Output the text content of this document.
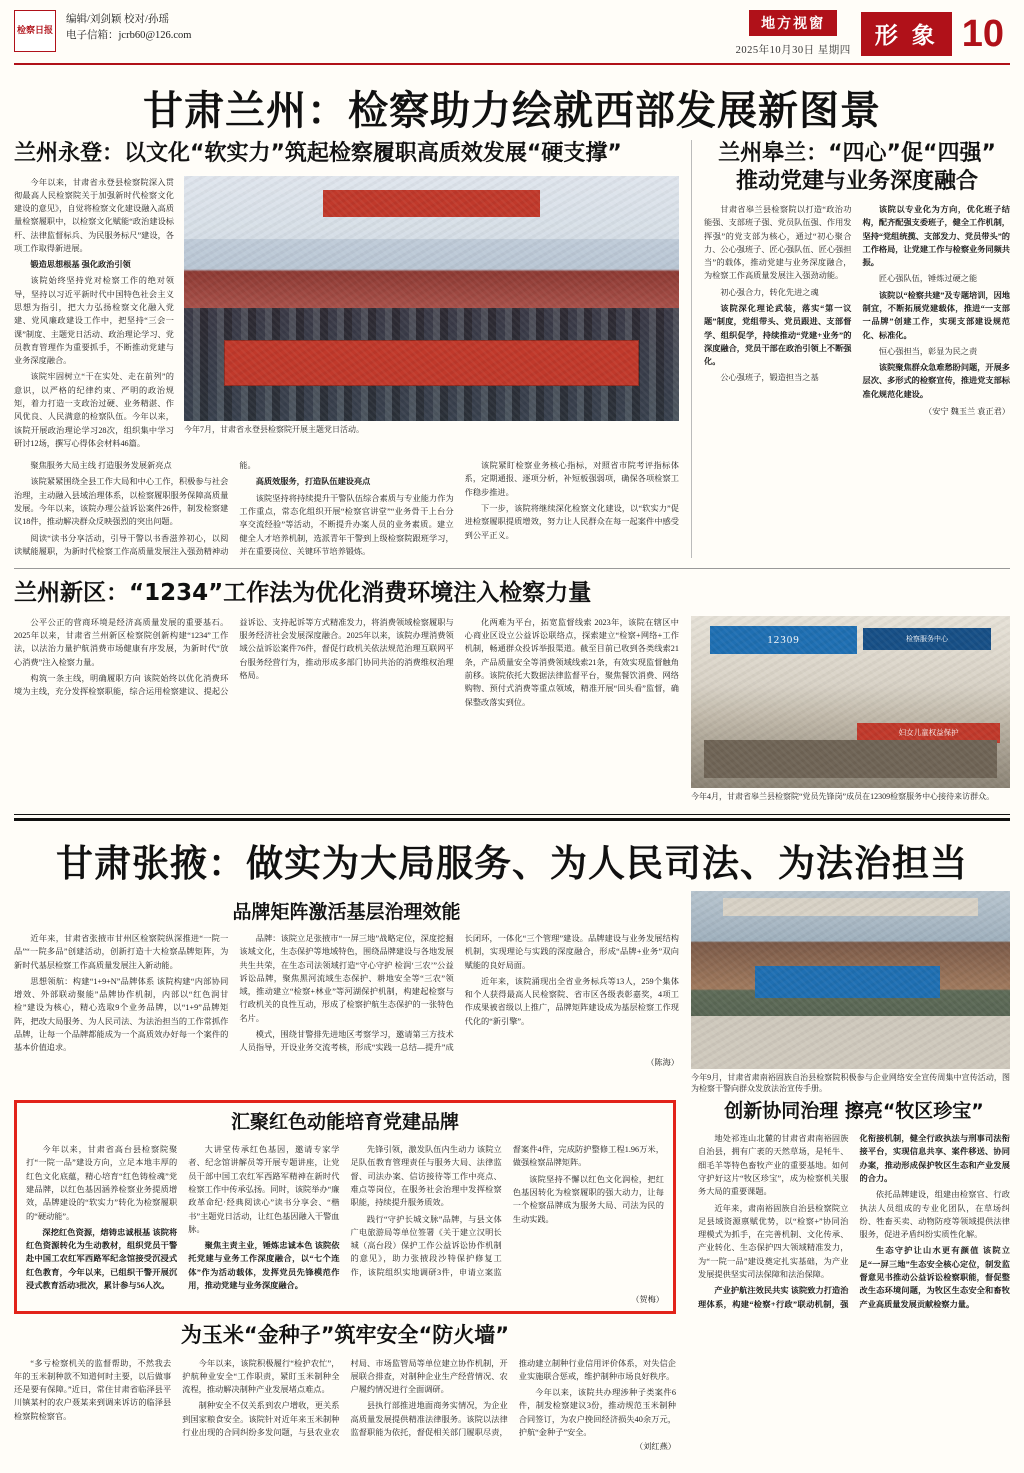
检察 日报
编辑/刘剑颖 校对/孙瑶
电子信箱：jcrb60@126.com
地方视窗
2025年10月30日 星期四
形 象 10
甘肃兰州：检察助力绘就西部发展新图景
兰州永登：以文化“软实力”筑起检察履职高质效发展“硬支撑”

今年以来，甘肃省永登县检察院深入贯彻最高人民检察院关于加强新时代检察文化建设的意见》，自觉将检察文化建设融入高质量检察履职中，以检察文化赋能“政治建设标杆、法律监督标兵、为民服务标尺”建设，各项工作取得新进展。

锻造思想根基 强化政治引领

该院始终坚持党对检察工作的绝对领导，坚持以习近平新时代中国特色社会主义思想为指引，把大力弘扬检察文化融入党建、党风廉政建设工作中，把坚持“三会一课”制度、主题党日活动、政治理论学习、党员教育管理作为重要抓手，不断推动党建与业务深度融合。

该院牢固树立“干在实处、走在前列”的意识，以严格的纪律约束、严明的政治规矩，着力打造一支政治过硬、业务精湛、作风优良、人民满意的检察队伍。今年以来，该院开展政治理论学习28次，组织集中学习研讨12场，撰写心得体会材料46篇。

今年7月，甘肃省永登县检察院开展主题党日活动。

聚焦服务大局主线 打造服务发展新亮点

该院紧紧围绕全县工作大局和中心工作，积极参与社会治理，主动融入县域治理体系，以检察履职服务保障高质量发展。今年以来，该院办理公益诉讼案件26件，制发检察建议18件，推动解决群众反映强烈的突出问题。

阅读“读书分享活动，引导干警以书香滋养初心，以阅读赋能履职，为新时代检察工作高质量发展注入强劲精神动能。

高质效服务，打造队伍建设亮点

该院坚持将持续提升干警队伍综合素质与专业能力作为工作重点，常态化组织开展“检察官讲堂”“业务骨干上台分享交流经验”等活动，不断提升办案人员的业务素质。建立健全人才培养机制，选派青年干警到上级检察院跟班学习，并在重要岗位、关键环节培养锻炼。

该院紧盯检察业务核心指标，对照省市院考评指标体系，定期通报、逐项分析，补短板强弱项，确保各项检察工作稳步推进。

下一步，该院将继续深化检察文化建设，以“软实力”促进检察履职提质增效，努力让人民群众在每一起案件中感受到公平正义。

兰州皋兰：“四心”促“四强” 推动党建与业务深度融合

甘肃省皋兰县检察院以打造“政治功能强、支部班子强、党员队伍强、作用发挥强”的党支部为核心，通过“初心聚合力、公心强班子、匠心强队伍、匠心强担当”的载体，推动党建与业务深度融合，为检察工作高质量发展注入强劲动能。

初心强合力，转化先进之魂

该院深化理论武装，落实“第一议题”制度，党组带头、党员跟进、支部督学、组织促学，持续推动“党建+业务”的深度融合，党员干部在政治引领上不断强化。

公心强班子，锻造担当之基

该院以专业化为方向，优化班子结构，配齐配强支委班子，健全工作机制，坚持“党组统揽、支部发力、党员带头”的工作格局，让党建工作与检察业务同频共振。

匠心强队伍，锤炼过硬之能

该院以“检察共建”及专题培训，因地制宜，不断拓展党建载体，推进“一支部一品牌”创建工作，实现支部建设规范化、标准化。

恒心强担当，彰显为民之责

该院聚焦群众急难愁盼问题，开展多层次、多形式的检察宣传，推进党支部标准化规范化建设。

（安宁 魏玉兰 袁正君）
兰州新区：“1234”工作法为优化消费环境注入检察力量

公平公正的营商环境是经济高质量发展的重要基石。2025年以来，甘肃省兰州新区检察院创新构建“1234”工作法，以法治力量护航消费市场健康有序发展，为新时代“放心消费”注入检察力量。

构筑一条主线，明确履职方向 该院始终以优化消费环境为主线，充分发挥检察职能，综合运用检察建议、提起公益诉讼、支持起诉等方式精准发力，将消费领域检察履职与服务经济社会发展深度融合。2025年以来，该院办理消费领域公益诉讼案件76件，督促行政机关依法规范治理互联网平台服务经营行为，推动形成多部门协同共治的消费维权治理格局。

化两难为平台，拓宽监督线索 2023年，该院在辖区中心商业区设立公益诉讼联络点，探索建立“检察+网络+工作机制，畅通群众投诉举报渠道。截至目前已收到各类线索21条，产品质量安全等消费领域线索21条，有效实现监督触角前移。该院依托大数据法律监督平台，聚焦餐饮消费、网络购物、预付式消费等重点领域，精准开展“回头看”监督，确保整改落实到位。

12309	检察服务中心
妇女儿童权益保护
今年4月，甘肃省皋兰县检察院“党员先锋岗”成员在12309检察服务中心接待来访群众。
甘肃张掖：做实为大局服务、为人民司法、为法治担当
品牌矩阵激活基层治理效能

近年来，甘肃省张掖市甘州区检察院纵深推进“一院一品”“一院多品”创建活动，创新打造十大检察品牌矩阵，为新时代基层检察工作高质量发展注入新动能。

思想领航：构建“1+9+N”品牌体系 该院构建“内部协同增效、外部联动聚能”品牌协作机制，内部以“红色润甘检”建设为核心，精心选取9个业务品牌，以“1+9”品牌矩阵，把改大局服务、为人民司法、为法治担当的工作常抓作品牌，让每一个品牌都能成为一个高质效办好每一个案件的基本价值追求。

品牌：该院立足张掖市“一屏三地”战略定位，深度挖掘该域文化，生态保护等地域特色，围绕品牌建设与各地发展共生共荣，在生态司法领域打造“守心守护 检润‘三农’”公益诉讼品牌，聚焦黑河流域生态保护、耕地安全等“三农”领域，推动建立“检察+林业”等河湖保护机制，构建起检察与行政机关的良性互动，形成了检察护航生态保护的一张特色名片。

模式，围绕甘警排先进地区考察学习，邀请第三方技术人员指导，开设业务交流考核，形成“实践一总结—提升”成长闭环，一体化“三个管理”建设。品牌建设与业务发展结构机制，实现理论与实践的深度融合，形成“品牌+业务”双向赋能的良好局面。

近年来，该院涌现出全省业务标兵等13人，259个集体和个人获得最高人民检察院、省市区各级表彰嘉奖，4项工作成果被省级以上推广，品牌矩阵建设成为基层检察工作现代化的“新引擎”。

（陈海）
今年9月，甘肃省肃南裕固族自治县检察院积极参与企业网络安全宣传周集中宣传活动，图为检察干警向群众发放法治宣传手册。
汇聚红色动能培育党建品牌

今年以来，甘肃省高台县检察院聚打“一院一品”建设方向，立足本地丰厚的红色文化底蕴，精心培育“红色铸检魂”党建品牌，以红色基因涵养检察业务提质增效，品牌建设的“软实力”转化为检察履职的“硬动能”。

深挖红色资源，熔铸忠诚根基 该院将红色资源转化为生动教材，组织党员干警赴中国工农红军西路军纪念馆接受沉浸式红色教育，今年以来，已组织干警开展沉浸式教育活动3批次，累计参与56人次。

大讲堂传承红色基因，邀请专家学者、纪念馆讲解员等开展专题讲座，让党员干部中国工农红军西路军精神在新时代检察工作中传承弘扬。同时，该院举办“廉政革命纪·经典阅读心”读书分享会、“楷书”主题党日活动，让红色基因融入干警血脉。

聚焦主责主业，锤炼忠诚本色 该院依托党建与业务工作深度融合，以“七个连体”作为活动载体，发挥党员先锋模范作用，推动党建与业务深度融合。

先锋引领，激发队伍内生动力 该院立足队伍教育管理责任与服务大局、法律监督、司法办案、信访接待等工作中亮点、难点等岗位，在服务社会治理中发挥检察职能，持续提升服务质效。

践行“守护长城文脉”品牌，与县文体广电旅游局等单位签署《关于建立汉明长城（高台段）保护工作公益诉讼协作机制的意见》，助力张掖段沙特保护修复工作，该院组织实地调研3件，申请立案监督案件4件，完成防护整修工程1.96万米，做强检察品牌矩阵。

该院坚持不懈以红色文化润检，把红色基因转化为检察履职的强大动力，让每一个检察品牌成为服务大局、司法为民的生动实践。

（贺梅）
创新协同治理 擦亮“牧区珍宝”

地处祁连山北麓的甘肃省肃南裕固族自治县，拥有广袤的天然草场，是牦牛、细毛羊等特色畜牧产业的重要基地。如何守护好这片“牧区珍宝”，成为检察机关服务大局的重要课题。

近年来，肃南裕固族自治县检察院立足县域资源禀赋优势，以“检察+”协同治理模式为抓手，在完善机制、文化传承、产业转化、生态保护四大领域精准发力，为“一院一品”建设奠定扎实基础，为产业发展提供坚实司法保障和法治保障。

产业护航注效民共实 该院致力打造治理体系，构建“检察+行政”联动机制，强化衔接机制，健全行政执法与刑事司法衔接平台，实现信息共享、案件移送、协同办案，推动形成保护牧区生态和产业发展的合力。

依托品牌建设，组建由检察官、行政执法人员组成的专业化团队，在草场纠纷、牲畜买卖、动物防疫等领域提供法律服务，促进矛盾纠纷实质性化解。

生态守护让山水更有颜值 该院立足“一屏三地”生态安全核心定位，制发监督意见书推动公益诉讼检察职能，督促整改生态环境问题，为牧区生态安全和畜牧产业高质量发展贡献检察力量。

为玉米“金种子”筑牢安全“防火墙”

“多亏检察机关的监督帮助，不然我去年的玉米制种款不知道何时主要，以后做事还是要有保障。”近日，常住甘肃省临泽县平川镇某村的农户聂某来到调来诉访的临泽县检察院检察官。

今年以来，该院积极履行“检护农忙”，护航种业安全“工作职责，紧盯玉米制种全流程，推动解决制种产业发展堵点难点。

制种安全不仅关系到农户增收，更关系到国家粮食安全。该院针对近年来玉米制种行业出现的合同纠纷多发问题，与县农业农村局、市场监管局等单位建立协作机制，开展联合排查，对制种企业生产经营情况、农户履约情况进行全面调研。

县执行部推进地面商务实情况，为企业高质量发展提供精准法律服务。该院以法律监督职能为依托，督促相关部门履职尽责，推动建立制种行业信用评价体系，对失信企业实施联合惩戒，维护制种市场良好秩序。

今年以来，该院共办理涉种子类案件6件，制发检察建议3份，推动规范玉米制种合同签订，为农户挽回经济损失40余万元，护航“金种子”安全。

（刘红燕）
